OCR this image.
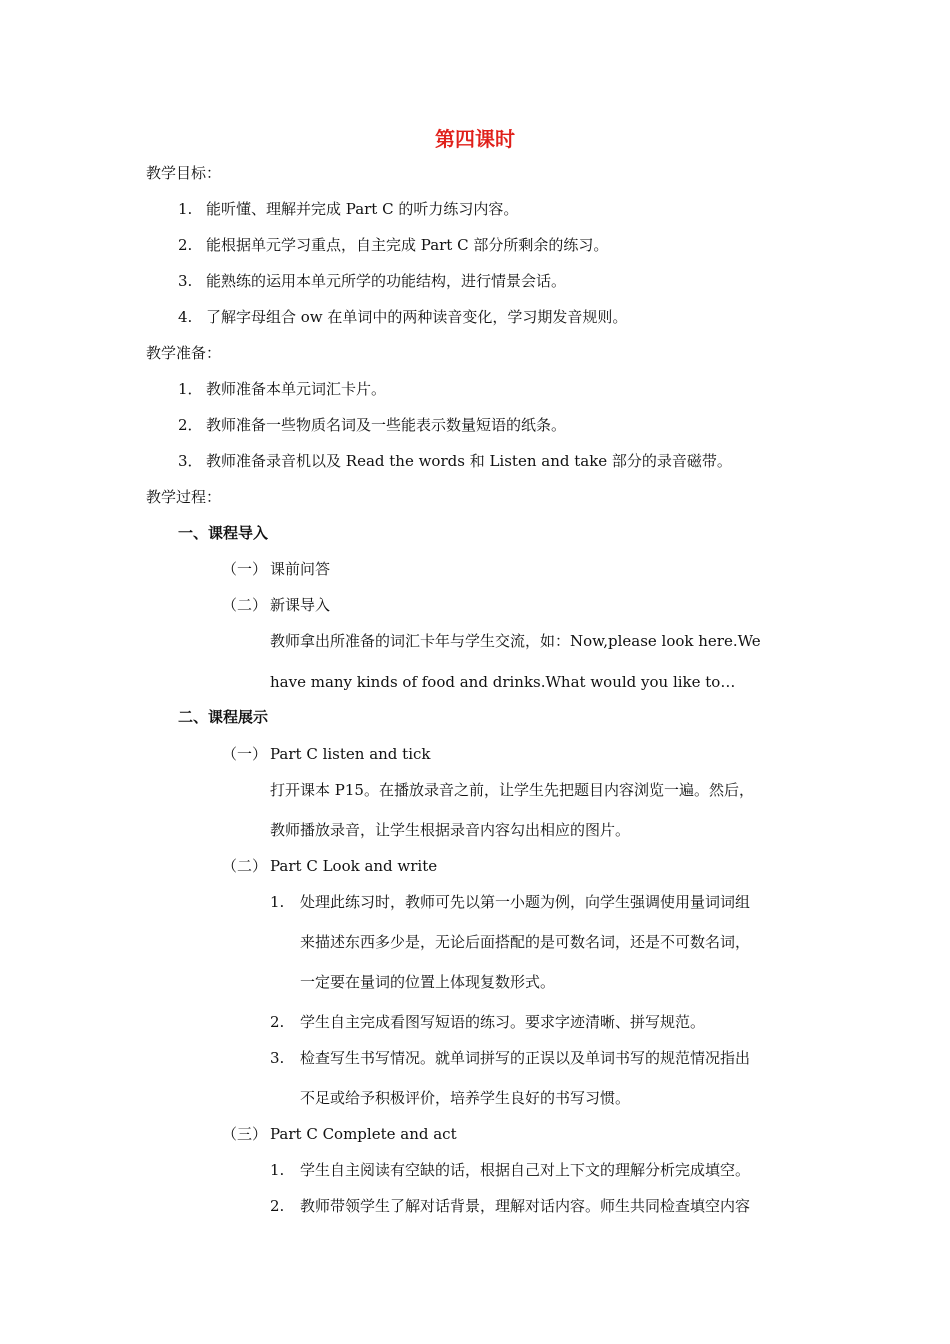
第四课时
教学目标：
1. 能听懂、理解并完成 Part C 的听力练习内容。
2. 能根据单元学习重点，自主完成 Part C 部分所剩余的练习。
3. 能熟练的运用本单元所学的功能结构，进行情景会话。
4. 了解字母组合 ow 在单词中的两种读音变化，学习期发音规则。
教学准备：
1． 教师准备本单元词汇卡片。
2． 教师准备一些物质名词及一些能表示数量短语的纸条。
3． 教师准备录音机以及 Read the words 和 Listen and take 部分的录音磁带。
教学过程：
一、课程导入
（一） 课前问答
（二） 新课导入
教师拿出所准备的词汇卡年与学生交流，如：Now,please look here.We
have many kinds of food and drinks.What would you like to…
二、课程展示
（一） Part C listen and tick
打开课本 P15。在播放录音之前，让学生先把题目内容浏览一遍。然后，
教师播放录音，让学生根据录音内容勾出相应的图片。
（二） Part C Look and write
1. 处理此练习时，教师可先以第一小题为例，向学生强调使用量词词组
来描述东西多少是，无论后面搭配的是可数名词，还是不可数名词，
一定要在量词的位置上体现复数形式。
2. 学生自主完成看图写短语的练习。要求字迹清晰、拼写规范。
3. 检查写生书写情况。就单词拼写的正误以及单词书写的规范情况指出
不足或给予积极评价，培养学生良好的书写习惯。
（三） Part C Complete and act
1. 学生自主阅读有空缺的话，根据自己对上下文的理解分析完成填空。
2. 教师带领学生了解对话背景，理解对话内容。师生共同检查填空内容
